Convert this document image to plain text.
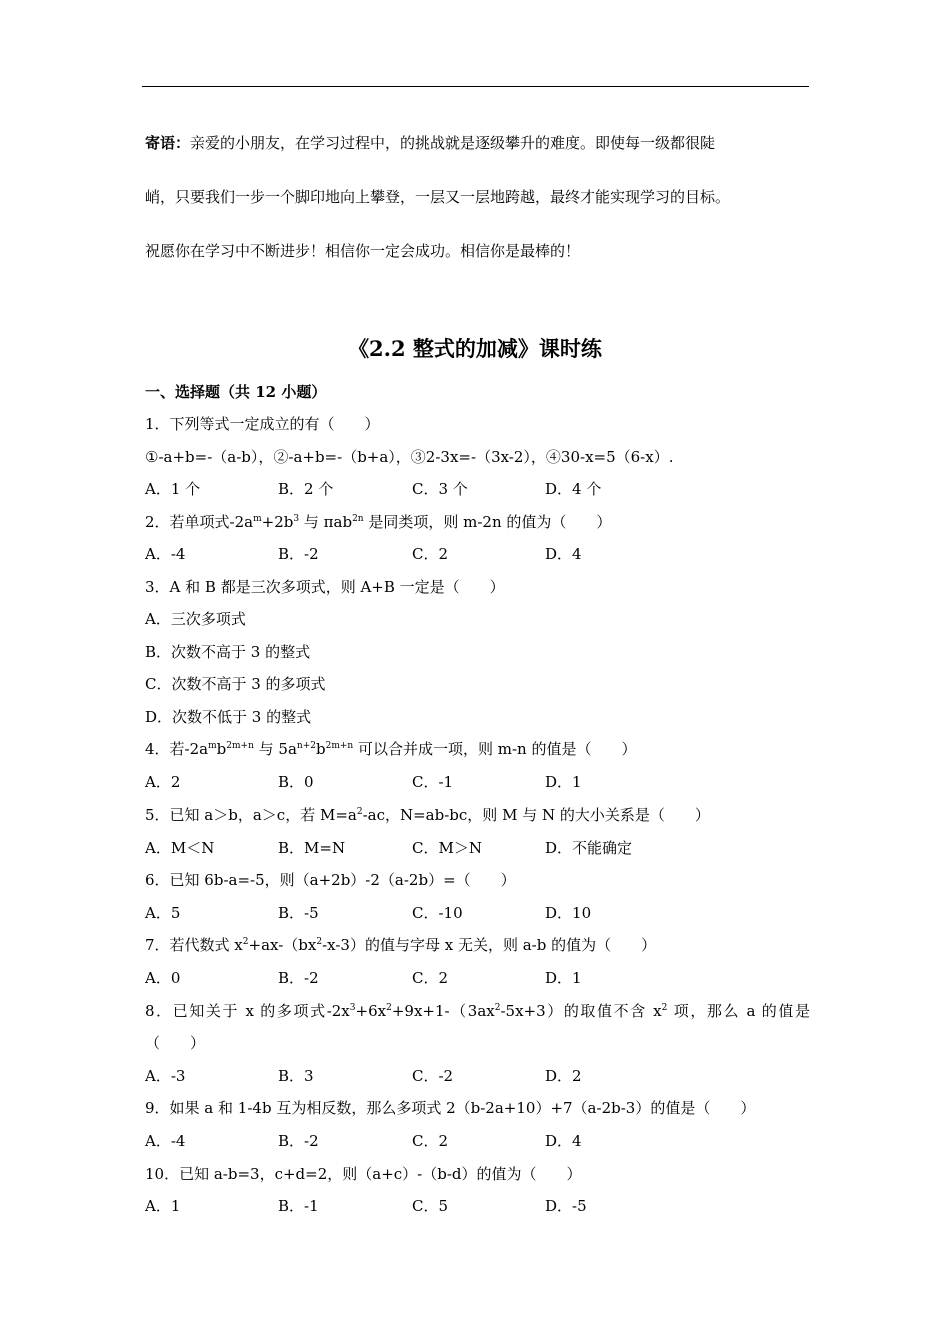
寄语：亲爱的小朋友，在学习过程中，的挑战就是逐级攀升的难度。即使每一级都很陡
峭，只要我们一步一个脚印地向上攀登，一层又一层地跨越，最终才能实现学习的目标。
祝愿你在学习中不断进步！相信你一定会成功。相信你是最棒的！
《2.2 整式的加减》课时练
一、选择题（共 12 小题）
1．下列等式一定成立的有（　　）
①-a+b=-（a-b），②-a+b=-（b+a），③2-3x=-（3x-2），④30-x=5（6-x）.
A．1 个	B．2 个	C．3 个	D．4 个
2．若单项式$-2a^m+2b^3$ 与 πab$^{2n}$ 是同类项，则 m-2n 的值为（　　）
A．-4	B．-2	C．2	D．4
3．A 和 B 都是三次多项式，则 A+B 一定是（　　）
A．三次多项式
B．次数不高于 3 的整式
C．次数不高于 3 的多项式
D．次数不低于 3 的整式
4．若$-2a^mb^{2m+n}$ 与 $5a^{n+2}b^{2m+n}$ 可以合并成一项，则 m-n 的值是（　　）
A．2	B．0	C．-1	D．1
5．已知 a＞b，a＞c，若 $M=a^2-ac$，N=ab-bc，则 M 与 N 的大小关系是（　　）
A．M＜N	B．M=N	C．M＞N	D．不能确定
6．已知 6b-a=-5，则（a+2b）-2（a-2b）=（　　）
A．5	B．-5	C．-10	D．10
7．若代数式 $x^2+ax-(bx^2-x-3)$的值与字母 x 无关，则 a-b 的值为（　　）
A．0	B．-2	C．2	D．1
8．已知关于 x 的多项式$-2x^3+6x^2+9x+1-(3ax^2-5x+3)$的取值不含 $x^2$ 项，那么 a 的值是
（　　）
A．-3	B．3	C．-2	D．2
9．如果 a 和 1-4b 互为相反数，那么多项式 2（b-2a+10）+7（a-2b-3）的值是（　　）
A．-4	B．-2	C．2	D．4
10．已知 a-b=3，c+d=2，则（a+c）-（b-d）的值为（　　）
A．1	B．-1	C．5	D．-5
